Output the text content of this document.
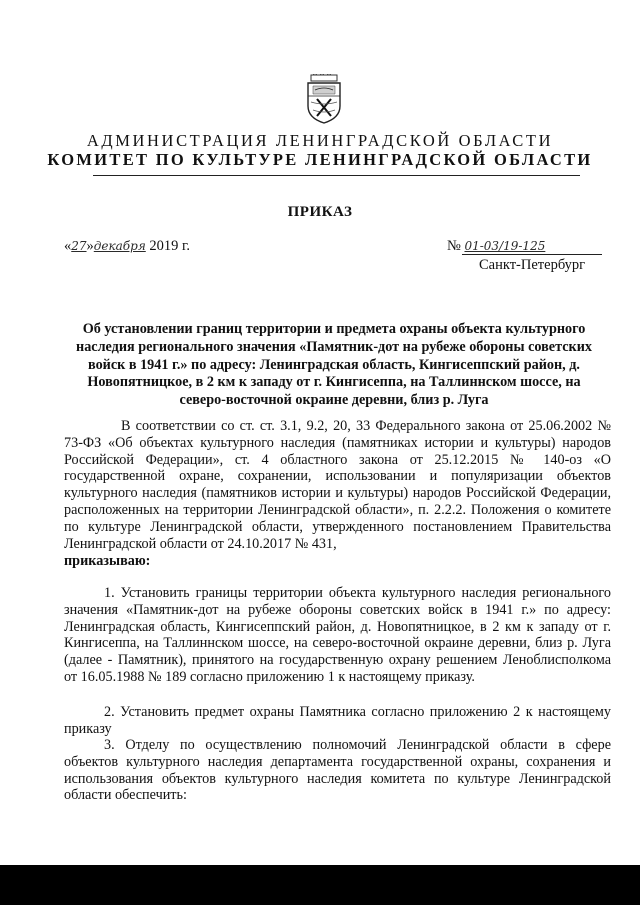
АДМИНИСТРАЦИЯ ЛЕНИНГРАДСКОЙ ОБЛАСТИ
КОМИТЕТ ПО КУЛЬТУРЕ ЛЕНИНГРАДСКОЙ ОБЛАСТИ
ПРИКАЗ
«27»декабря 2019 г.	№ 01-03/19-125
Санкт-Петербург
Об установлении границ территории и предмета охраны объекта культурного наследия регионального значения «Памятник-дот на рубеже обороны советских войск в 1941 г.» по адресу: Ленинградская область, Кингисеппский район, д. Новопятницкое, в 2 км к западу от г. Кингисеппа, на Таллиннском шоссе, на северо-восточной окраине деревни, близ р. Луга
В соответствии со ст. ст. 3.1, 9.2, 20, 33 Федерального закона от 25.06.2002 № 73-ФЗ «Об объектах культурного наследия (памятниках истории и культуры) народов Российской Федерации», ст. 4 областного закона от 25.12.2015 № 140-оз «О государственной охране, сохранении, использовании и популяризации объектов культурного наследия (памятников истории и культуры) народов Российской Федерации, расположенных на территории Ленинградской области», п. 2.2.2. Положения о комитете по культуре Ленинградской области, утвержденного постановлением Правительства Ленинградской области от 24.10.2017 № 431,
приказываю:
1. Установить границы территории объекта культурного наследия регионального значения «Памятник-дот на рубеже обороны советских войск в 1941 г.» по адресу: Ленинградская область, Кингисеппский район, д. Новопятницкое, в 2 км к западу от г. Кингисеппа, на Таллиннском шоссе, на северо-восточной окраине деревни, близ р. Луга (далее - Памятник), принятого на государственную охрану решением Леноблисполкома от 16.05.1988 № 189 согласно приложению 1 к настоящему приказу.
2. Установить предмет охраны Памятника согласно приложению 2 к настоящему приказу
3. Отделу по осуществлению полномочий Ленинградской области в сфере объектов культурного наследия департамента государственной охраны, сохранения и использования объектов культурного наследия комитета по культуре Ленинградской области обеспечить:
